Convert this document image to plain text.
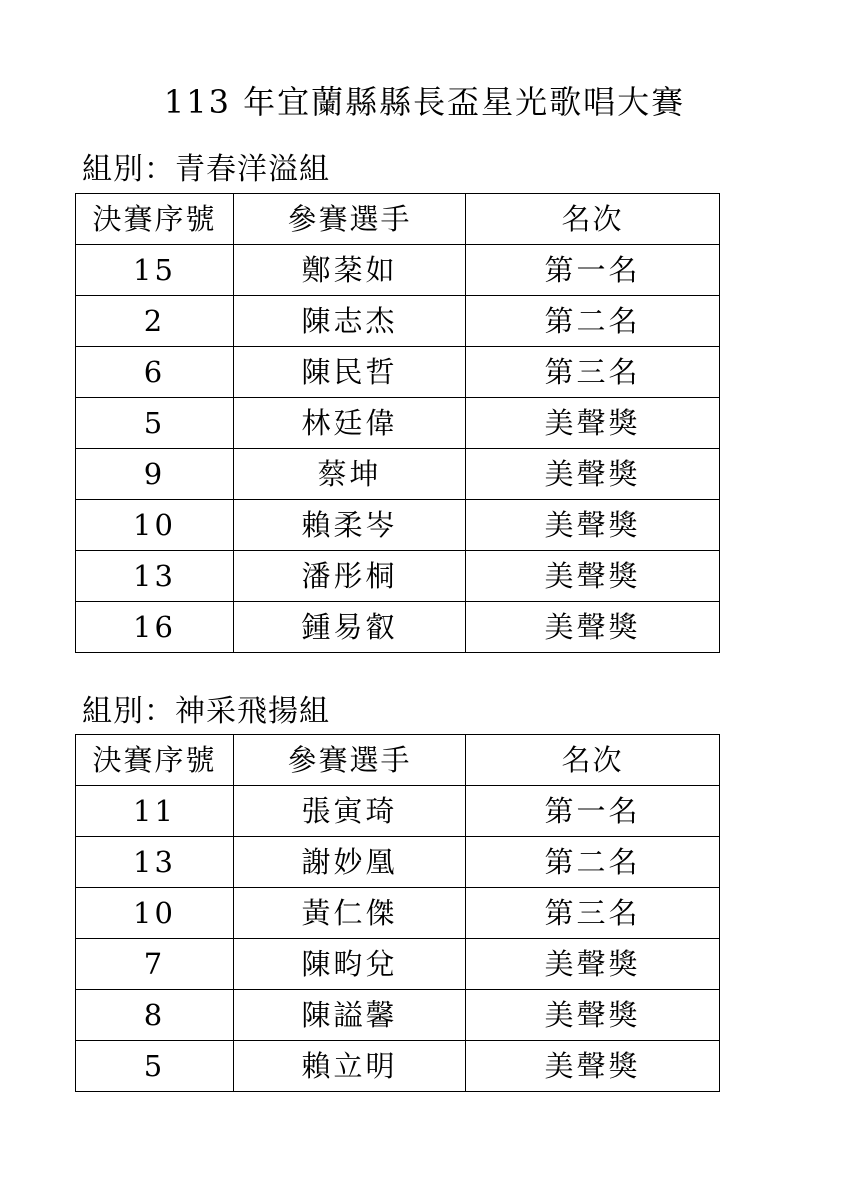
113 年宜蘭縣縣長盃星光歌唱大賽
組別：青春洋溢組
決賽序號	參賽選手	名次
15	鄭棻如	第一名
2	陳志杰	第二名
6	陳民哲	第三名
5	林廷偉	美聲獎
9	蔡坤	美聲獎
10	賴柔岑	美聲獎
13	潘彤桐	美聲獎
16	鍾易叡	美聲獎
組別：神采飛揚組
決賽序號	參賽選手	名次
11	張寅琦	第一名
13	謝妙凰	第二名
10	黃仁傑	第三名
7	陳畇兌	美聲獎
8	陳謚馨	美聲獎
5	賴立明	美聲獎
